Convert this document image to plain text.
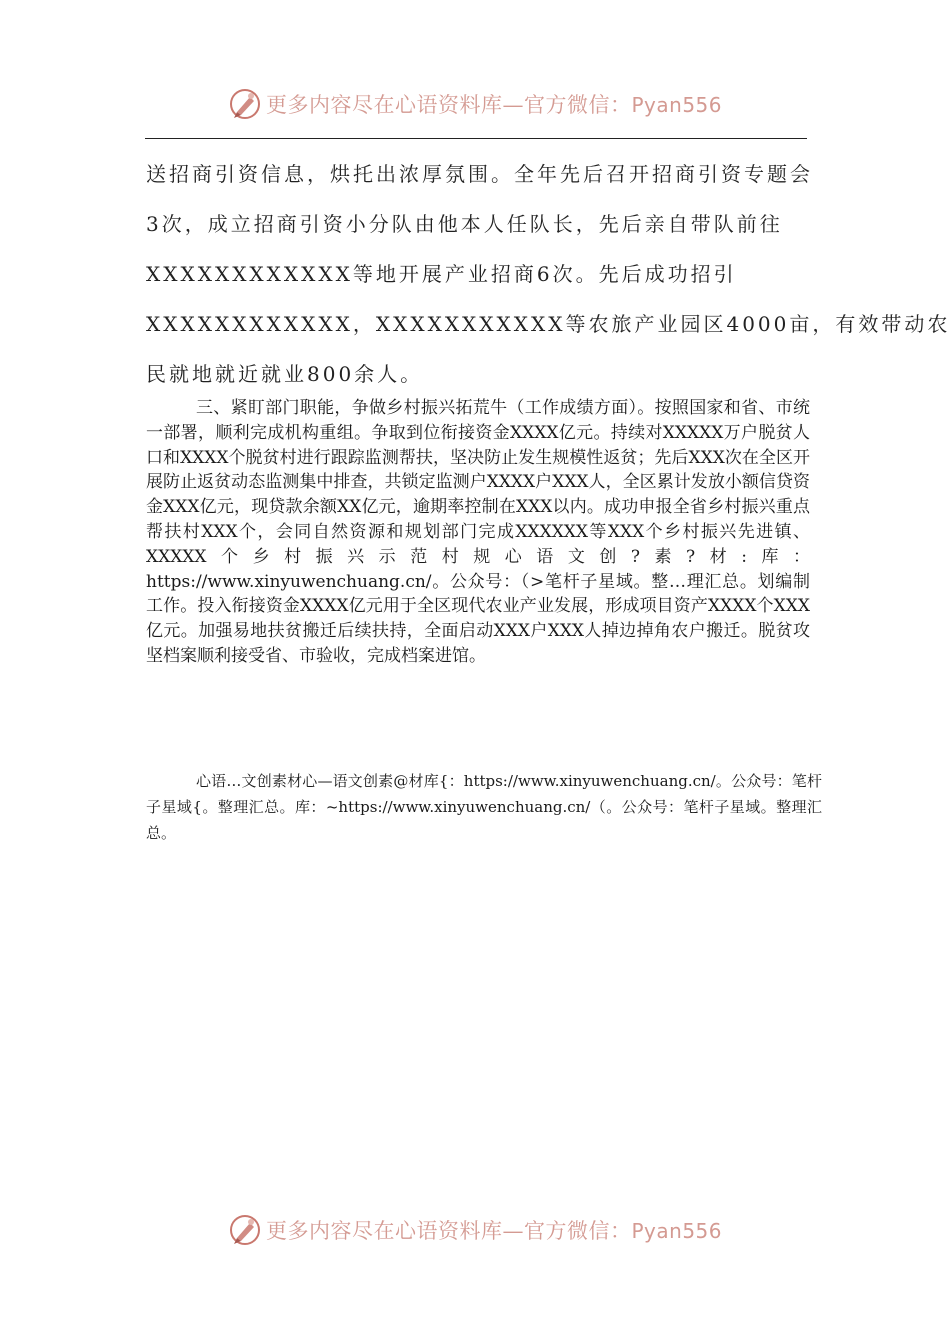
更多内容尽在心语资料库—官方微信：Pyan556
送招商引资信息，烘托出浓厚氛围。全年先后召开招商引资专题会
3次，成立招商引资小分队由他本人任队长，先后亲自带队前往
XXXXXXXXXXXX等地开展产业招商6次。先后成功招引
XXXXXXXXXXXX，XXXXXXXXXXX等农旅产业园区4000亩，有效带动农
民就地就近就业800余人。

三、紧盯部门职能，争做乡村振兴拓荒牛（工作成绩方面）。按照国家和省、市统一部署，顺利完成机构重组。争取到位衔接资金XXXX亿元。持续对XXXXX万户脱贫人口和XXXX个脱贫村进行跟踪监测帮扶，坚决防止发生规模性返贫；先后XXX次在全区开展防止返贫动态监测集中排查，共锁定监测户XXXX户XXX人，全区累计发放小额信贷资金XXX亿元，现贷款余额XX亿元，逾期率控制在XXX以内。成功申报全省乡村振兴重点帮扶村XXX个，会同自然资源和规划部门完成XXXXXX等XXX个乡村振兴先进镇、XXXXX个乡村振兴示范村规心语文创?素?材:库：https://www.xinyuwenchuang.cn/。公众号：（>笔杆子星域。整…理汇总。划编制工作。投入衔接资金XXXX亿元用于全区现代农业产业发展，形成项目资产XXXX个XXX亿元。加强易地扶贫搬迁后续扶持，全面启动XXX户XXX人掉边掉角农户搬迁。脱贫攻坚档案顺利接受省、市验收，完成档案进馆。

心语…文创素材心—语文创素@材库{：https://www.xinyuwenchuang.cn/。公众号：笔杆子星域{。整理汇总。库：~https://www.xinyuwenchuang.cn/（。公众号：笔杆子星域。整理汇总。

更多内容尽在心语资料库—官方微信：Pyan556
